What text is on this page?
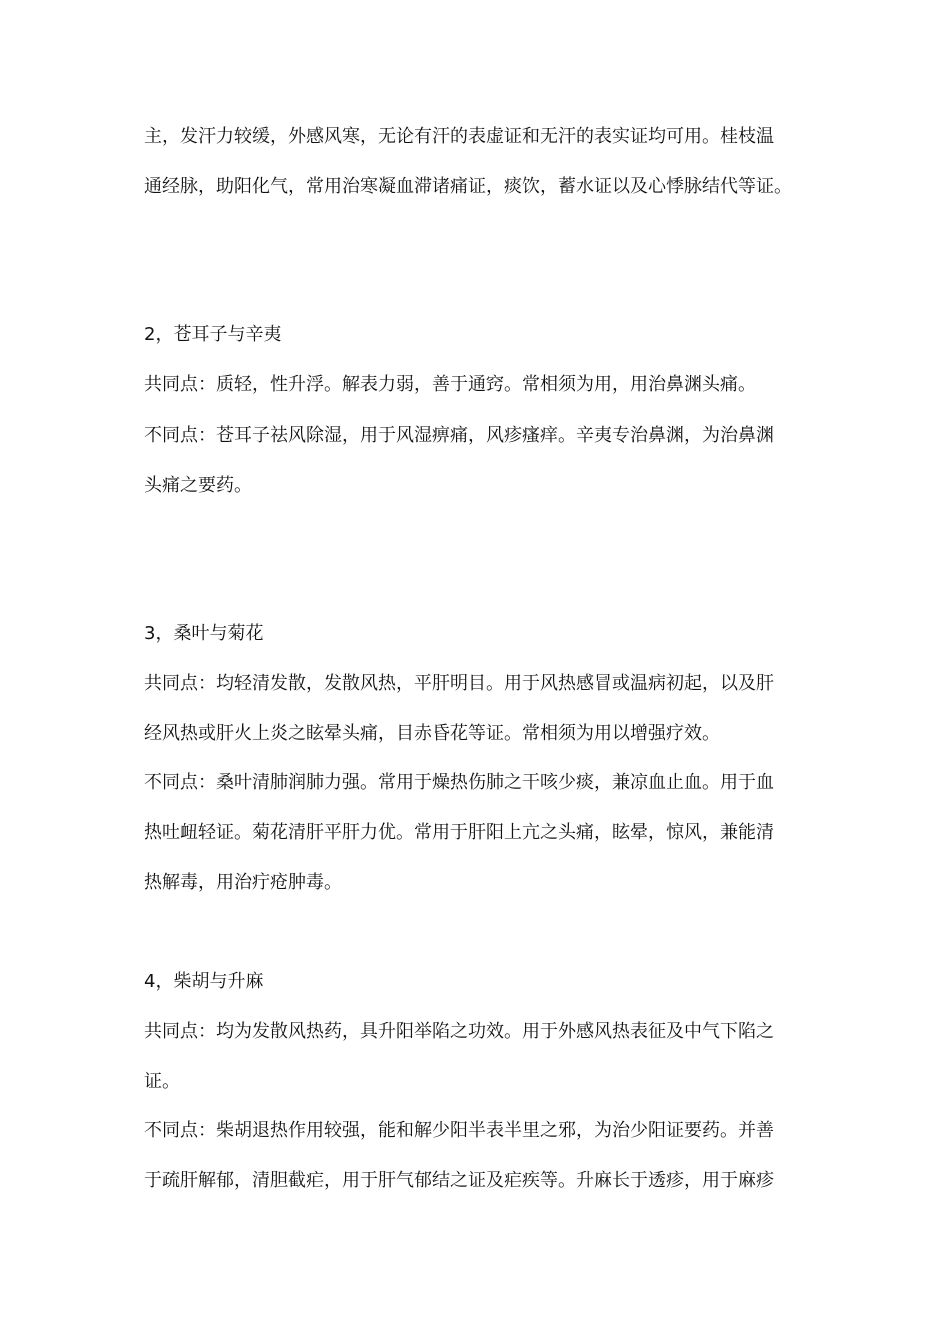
主，发汗力较缓，外感风寒，无论有汗的表虚证和无汗的表实证均可用。桂枝温
通经脉，助阳化气，常用治寒凝血滞诸痛证，痰饮，蓄水证以及心悸脉结代等证。
2，苍耳子与辛夷
共同点：质轻，性升浮。解表力弱，善于通窍。常相须为用，用治鼻渊头痛。
不同点：苍耳子祛风除湿，用于风湿痹痛，风疹瘙痒。辛夷专治鼻渊，为治鼻渊
头痛之要药。
3，桑叶与菊花
共同点：均轻清发散，发散风热，平肝明目。用于风热感冒或温病初起，以及肝
经风热或肝火上炎之眩晕头痛，目赤昏花等证。常相须为用以增强疗效。
不同点：桑叶清肺润肺力强。常用于燥热伤肺之干咳少痰，兼凉血止血。用于血
热吐衄轻证。菊花清肝平肝力优。常用于肝阳上亢之头痛，眩晕，惊风，兼能清
热解毒，用治疔疮肿毒。
4，柴胡与升麻
共同点：均为发散风热药，具升阳举陷之功效。用于外感风热表征及中气下陷之
证。
不同点：柴胡退热作用较强，能和解少阳半表半里之邪，为治少阳证要药。并善
于疏肝解郁，清胆截疟，用于肝气郁结之证及疟疾等。升麻长于透疹，用于麻疹
